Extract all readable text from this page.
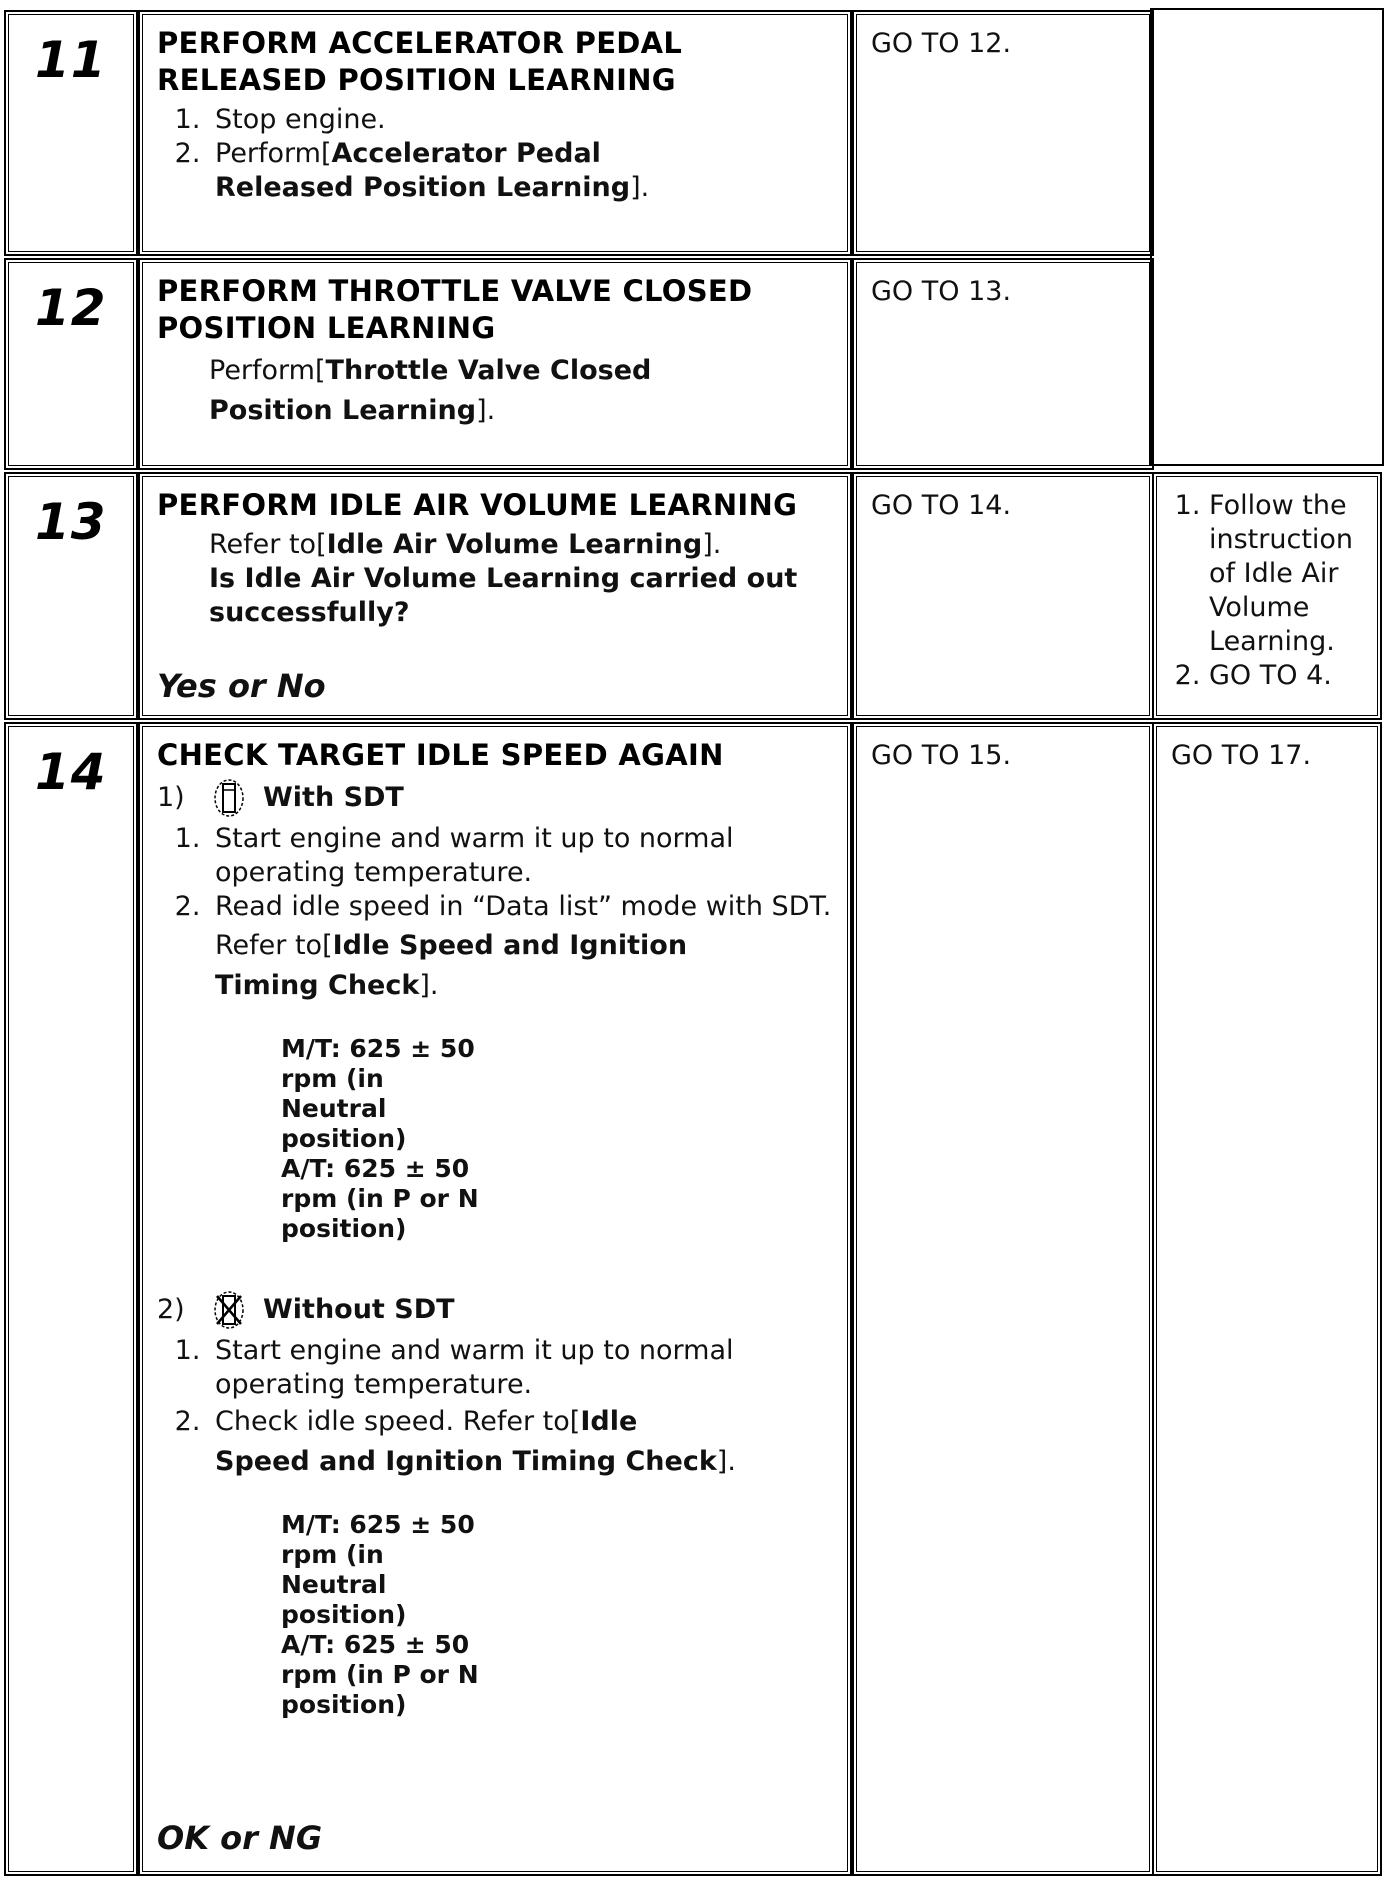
11 PERFORM ACCELERATOR PEDAL
RELEASED POSITION LEARNING

1. Stop engine.
2. Perform[Accelerator Pedal
Released Position Learning].
GO TO 12.
12 PERFORM THROTTLE VALVE CLOSED
POSITION LEARNING

Perform[Throttle Valve Closed
Position Learning].
GO TO 13.
13 PERFORM IDLE AIR VOLUME LEARNING

Refer to[Idle Air Volume Learning].
Is Idle Air Volume Learning carried out
successfully?
Yes or No
GO TO 14.
1.	Follow the instruction of Idle Air Volume Learning.
2. GO TO 4.
14 CHECK TARGET IDLE SPEED AGAIN

1)	With SDT
1. Start engine and warm it up to normal operating temperature.
2. Read idle speed in “Data list” mode with SDT.
Refer to[Idle Speed and Ignition
Timing Check].
M/T: 625 ± 50
rpm (in
Neutral
position)
A/T: 625 ± 50
rpm (in P or N
position)
2)	Without SDT
1. Start engine and warm it up to normal operating temperature.
2. Check idle speed. Refer to[Idle
Speed and Ignition Timing Check].
M/T: 625 ± 50
rpm (in
Neutral
position)
A/T: 625 ± 50
rpm (in P or N
position)
OK or NG
GO TO 15.	GO TO 17.
